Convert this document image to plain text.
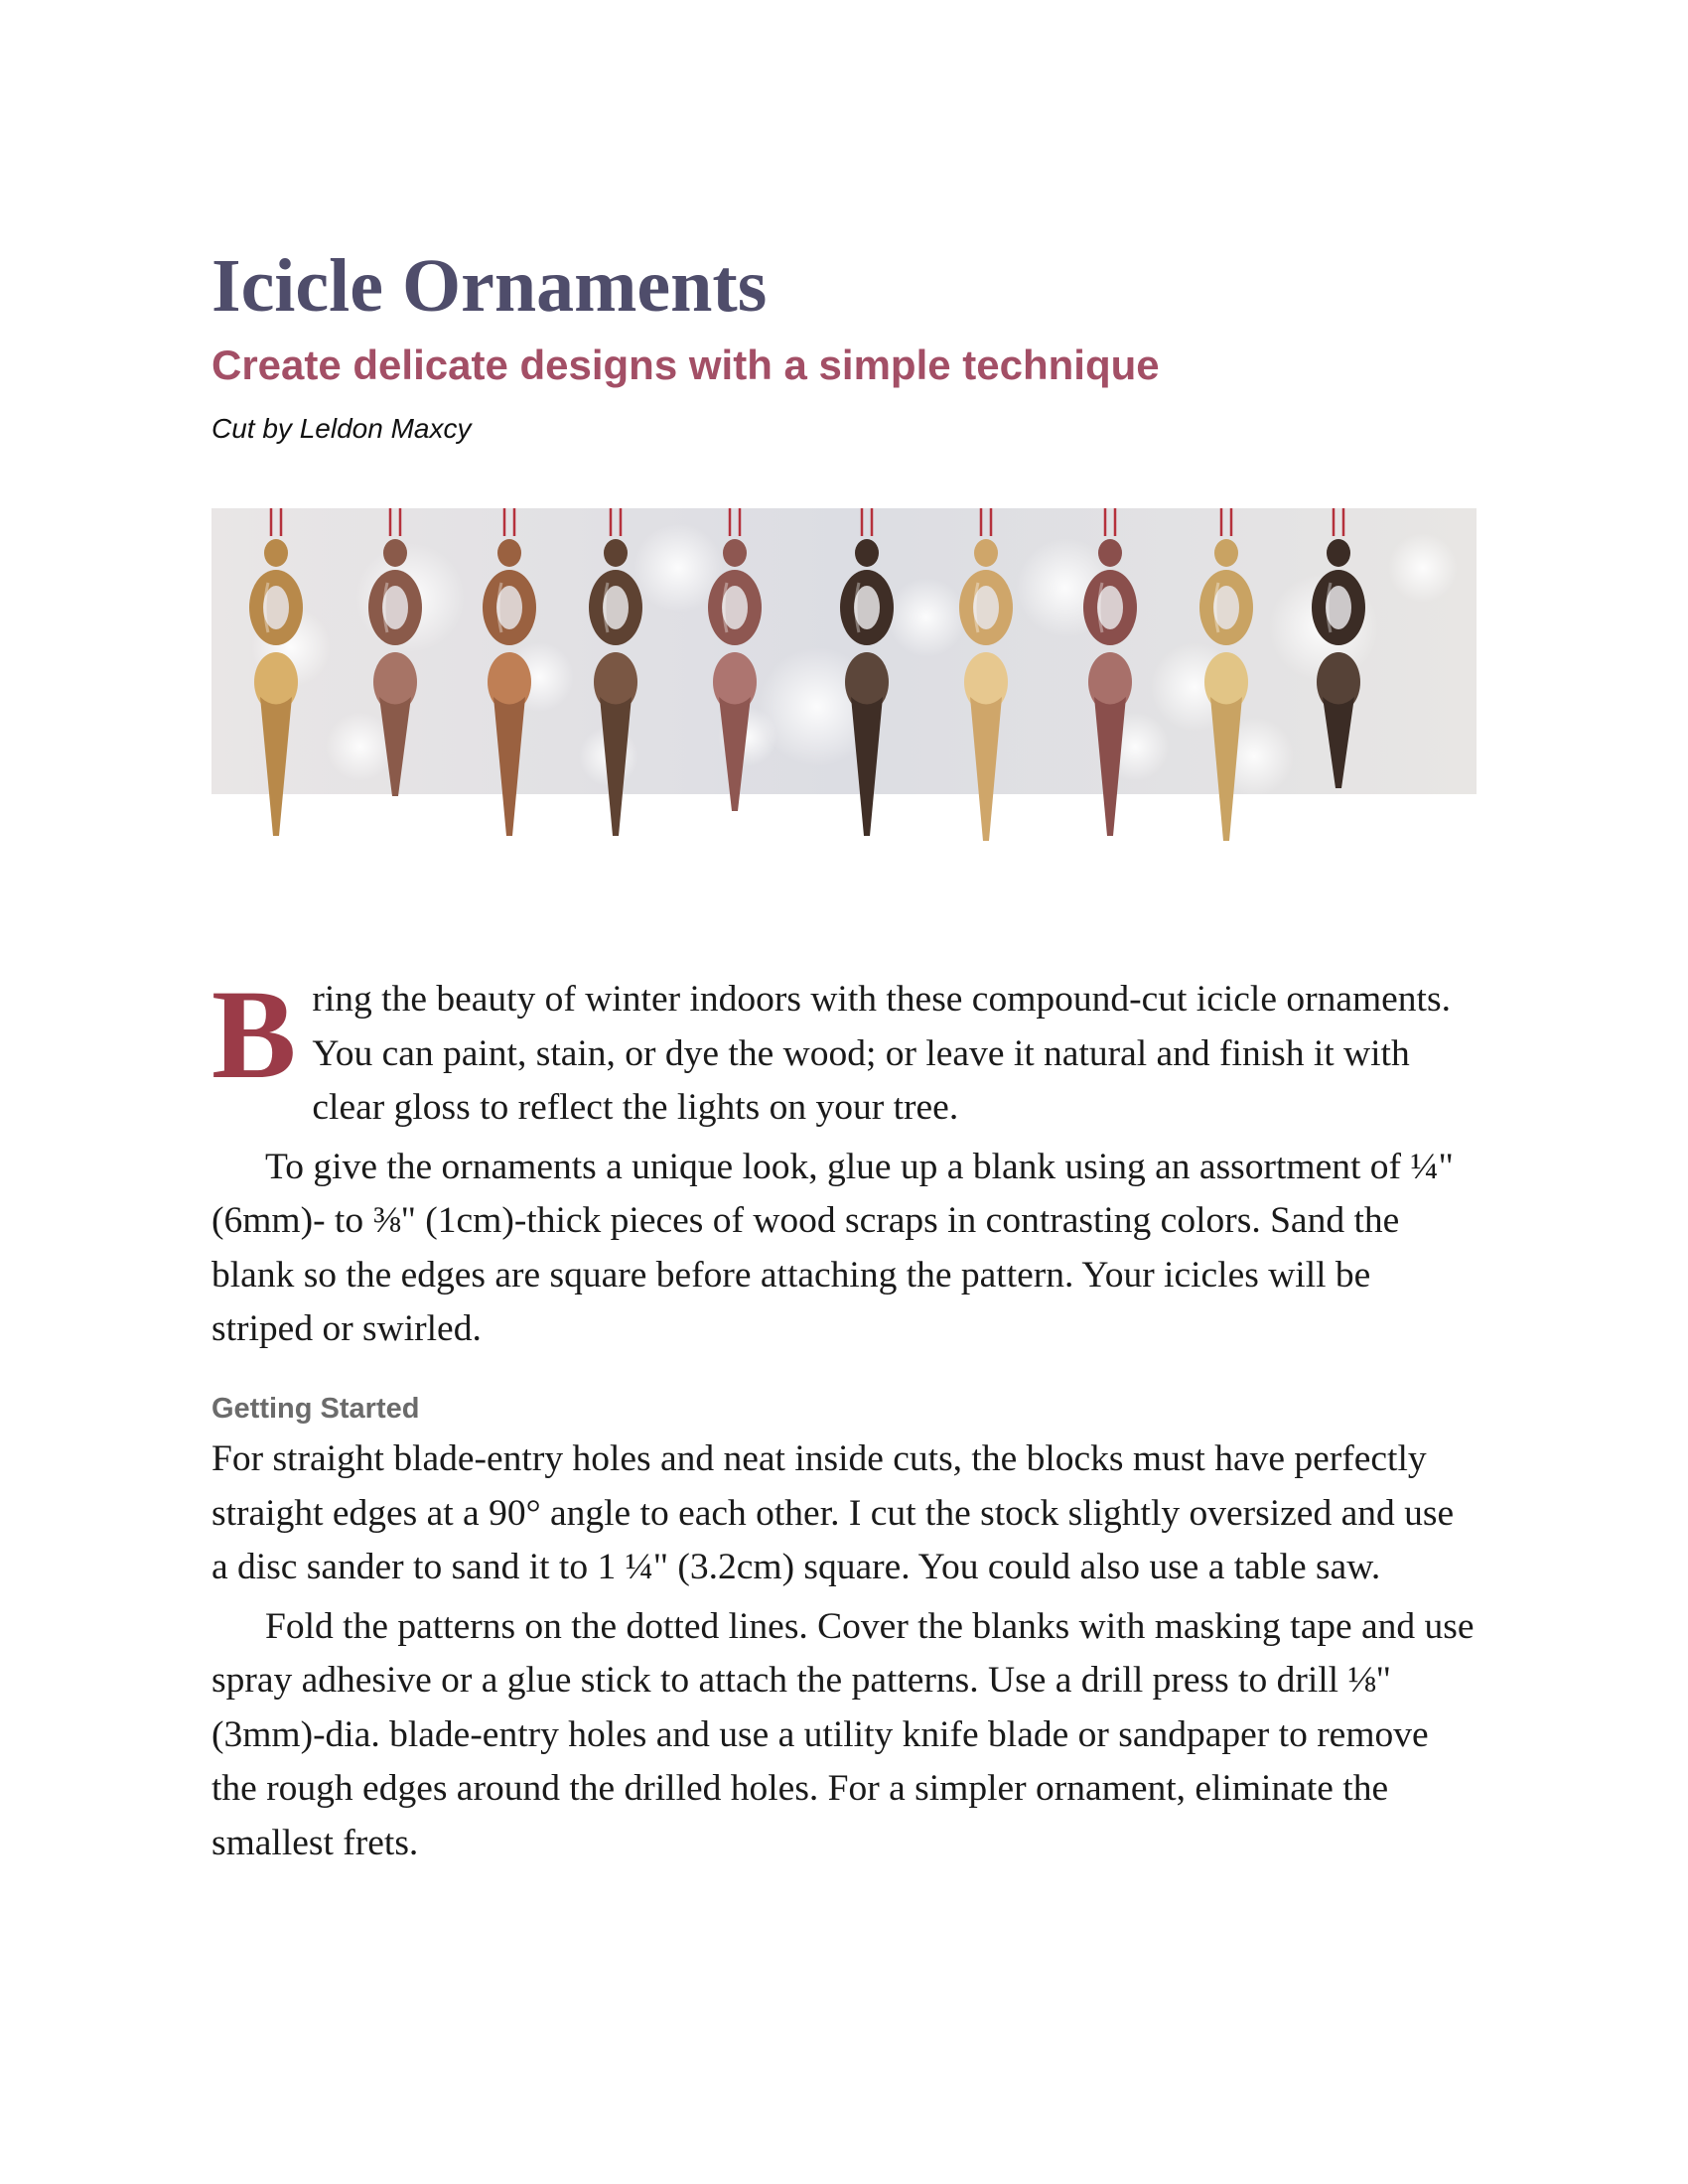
Icicle Ornaments
Create delicate designs with a simple technique

Cut by Leldon Maxcy

Bring the beauty of winter indoors with these compound-cut icicle ornaments. You can paint, stain, or dye the wood; or leave it natural and finish it with clear gloss to reflect the lights on your tree.

To give the ornaments a unique look, glue up a blank using an assortment of ¼" (6mm)- to ⅜" (1cm)-thick pieces of wood scraps in contrasting colors. Sand the blank so the edges are square before attaching the pattern. Your icicles will be striped or swirled.

Getting Started

For straight blade-entry holes and neat inside cuts, the blocks must have perfectly straight edges at a 90° angle to each other. I cut the stock slightly oversized and use a disc sander to sand it to 1 ¼" (3.2cm) square. You could also use a table saw.

Fold the patterns on the dotted lines. Cover the blanks with masking tape and use spray adhesive or a glue stick to attach the patterns. Use a drill press to drill ⅛" (3mm)-dia. blade-entry holes and use a utility knife blade or sandpaper to remove the rough edges around the drilled holes. For a simpler ornament, eliminate the smallest frets.
